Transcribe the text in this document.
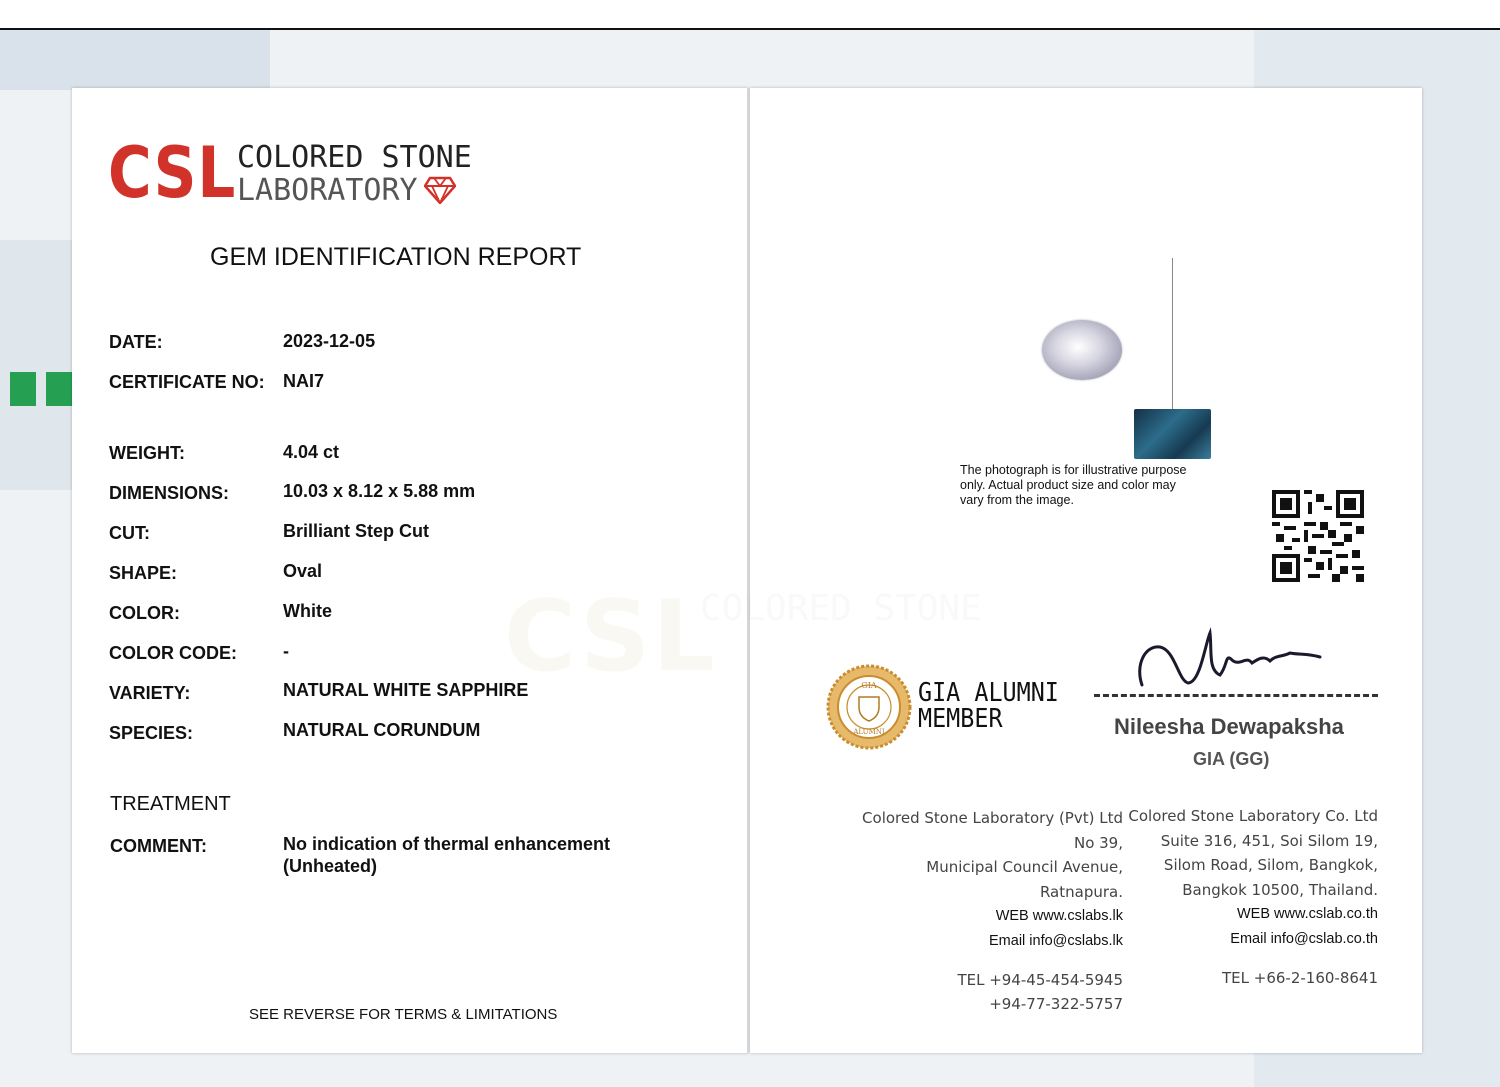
CSL
COLORED STONE
CSL COLORED STONE
LABORATORY
GEM IDENTIFICATION REPORT
DATE:	2023-12-05
CERTIFICATE NO: NAI7
WEIGHT:	4.04 ct
DIMENSIONS:	10.03 x 8.12 x 5.88 mm
CUT:	Brilliant Step Cut
SHAPE:	Oval
COLOR:	White
COLOR CODE:	-
VARIETY:	NATURAL WHITE SAPPHIRE
SPECIES:	NATURAL CORUNDUM
TREATMENT
COMMENT:	No indication of thermal enhancement
(Unheated)
SEE REVERSE FOR TERMS & LIMITATIONS
The photograph is for illustrative purpose
only. Actual product size and color may
vary from the image.
GIA
ALUMNI
GIA ALUMNI
MEMBER	Nileesha Dewapaksha
GIA (GG)
Colored Stone Laboratory (Pvt) Ltd
No 39,
Municipal Council Avenue,
Ratnapura.
WEB www.cslabs.lk
Email info@cslabs.lk
TEL +94-45-454-5945
+94-77-322-5757
Colored Stone Laboratory Co. Ltd
Suite 316, 451, Soi Silom 19,
Silom Road, Silom, Bangkok,
Bangkok 10500, Thailand.
WEB www.cslab.co.th
Email info@cslab.co.th
TEL +66-2-160-8641
